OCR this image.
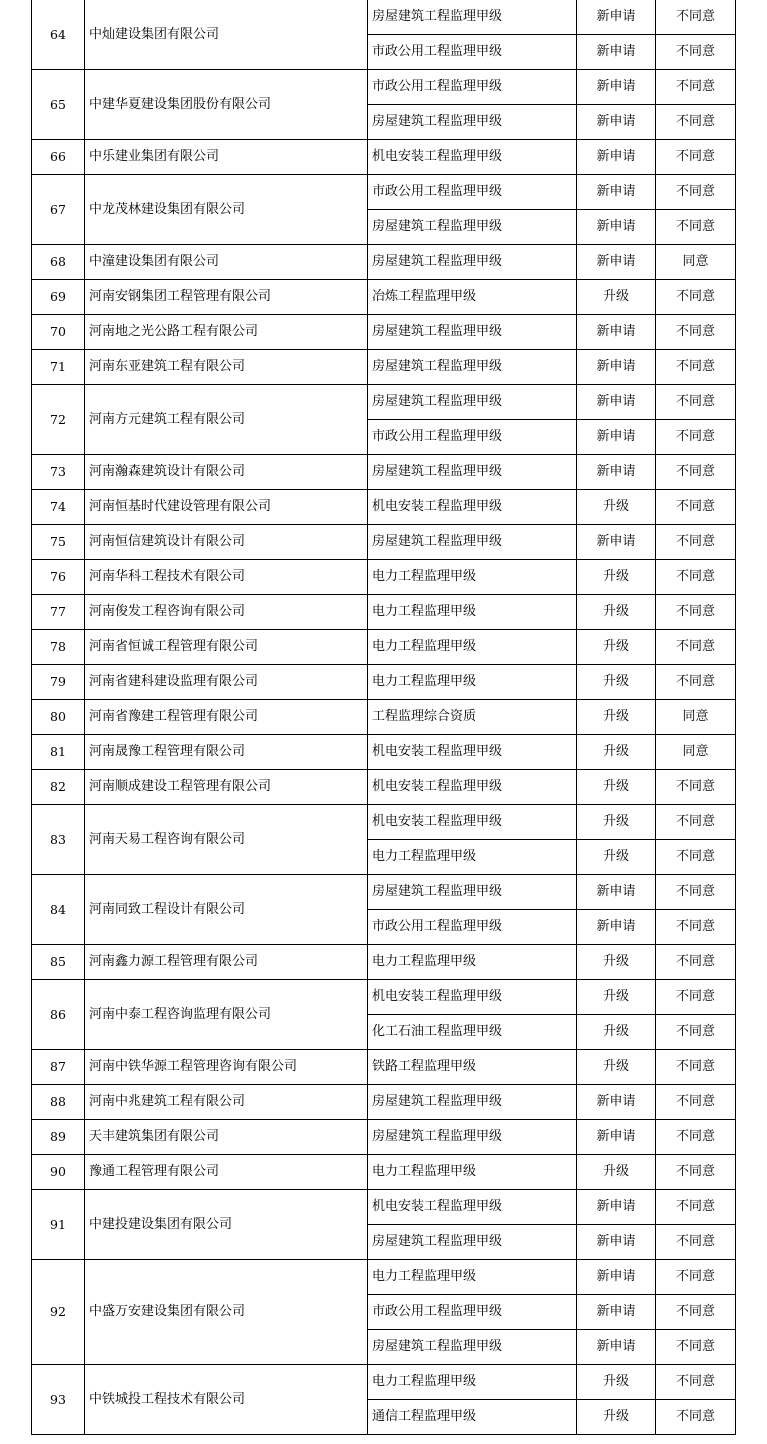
64	中灿建设集团有限公司	房屋建筑工程监理甲级	新申请	不同意
		市政公用工程监理甲级	新申请	不同意
65	中建华夏建设集团股份有限公司	市政公用工程监理甲级	新申请	不同意
		房屋建筑工程监理甲级	新申请	不同意
66	中乐建业集团有限公司	机电安装工程监理甲级	新申请	不同意
67	中龙茂林建设集团有限公司	市政公用工程监理甲级	新申请	不同意
		房屋建筑工程监理甲级	新申请	不同意
68	中潼建设集团有限公司	房屋建筑工程监理甲级	新申请	同意
69	河南安钢集团工程管理有限公司	冶炼工程监理甲级	升级	不同意
70	河南地之光公路工程有限公司	房屋建筑工程监理甲级	新申请	不同意
71	河南东亚建筑工程有限公司	房屋建筑工程监理甲级	新申请	不同意
72	河南方元建筑工程有限公司	房屋建筑工程监理甲级	新申请	不同意
		市政公用工程监理甲级	新申请	不同意
73	河南瀚森建筑设计有限公司	房屋建筑工程监理甲级	新申请	不同意
74	河南恒基时代建设管理有限公司	机电安装工程监理甲级	升级	不同意
75	河南恒信建筑设计有限公司	房屋建筑工程监理甲级	新申请	不同意
76	河南华科工程技术有限公司	电力工程监理甲级	升级	不同意
77	河南俊发工程咨询有限公司	电力工程监理甲级	升级	不同意
78	河南省恒诚工程管理有限公司	电力工程监理甲级	升级	不同意
79	河南省建科建设监理有限公司	电力工程监理甲级	升级	不同意
80	河南省豫建工程管理有限公司	工程监理综合资质	升级	同意
81	河南晟豫工程管理有限公司	机电安装工程监理甲级	升级	同意
82	河南顺成建设工程管理有限公司	机电安装工程监理甲级	升级	不同意
83	河南天易工程咨询有限公司	机电安装工程监理甲级	升级	不同意
		电力工程监理甲级	升级	不同意
84	河南同致工程设计有限公司	房屋建筑工程监理甲级	新申请	不同意
		市政公用工程监理甲级	新申请	不同意
85	河南鑫力源工程管理有限公司	电力工程监理甲级	升级	不同意
86	河南中泰工程咨询监理有限公司	机电安装工程监理甲级	升级	不同意
		化工石油工程监理甲级	升级	不同意
87	河南中铁华源工程管理咨询有限公司	铁路工程监理甲级	升级	不同意
88	河南中兆建筑工程有限公司	房屋建筑工程监理甲级	新申请	不同意
89	天丰建筑集团有限公司	房屋建筑工程监理甲级	新申请	不同意
90	豫通工程管理有限公司	电力工程监理甲级	升级	不同意
91	中建投建设集团有限公司	机电安装工程监理甲级	新申请	不同意
		房屋建筑工程监理甲级	新申请	不同意
92	中盛万安建设集团有限公司	电力工程监理甲级	新申请	不同意
		市政公用工程监理甲级	新申请	不同意
		房屋建筑工程监理甲级	新申请	不同意
93	中铁城投工程技术有限公司	电力工程监理甲级	升级	不同意
		通信工程监理甲级	升级	不同意
